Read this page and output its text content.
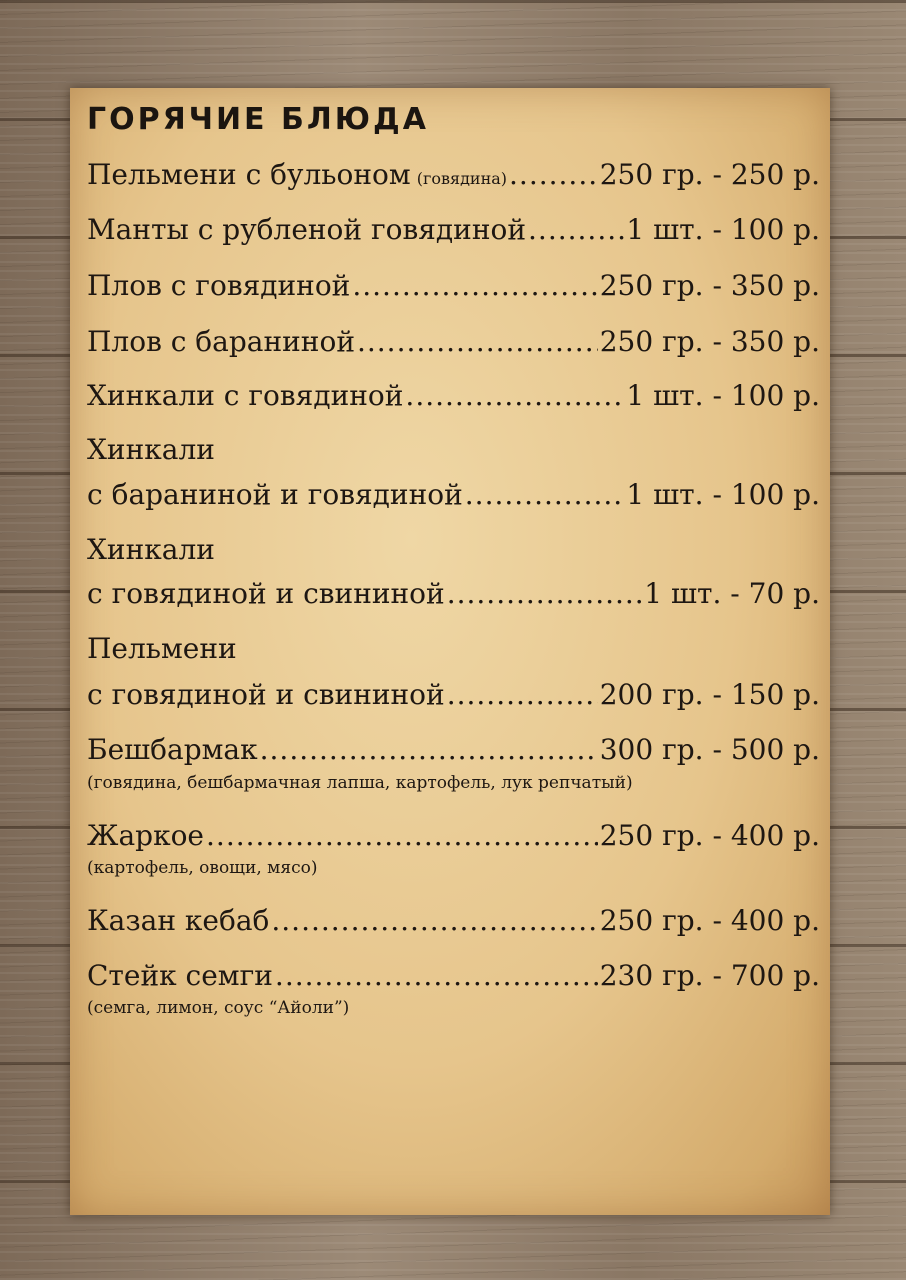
ГОРЯЧИЕ БЛЮДА
Пельмени с бульоном (говядина) .....	250 гр. - 250 р.
Манты с рубленой говядиной .....	1 шт. - 100 р.
Плов с говядиной .....	250 гр. - 350 р.
Плов с бараниной .....	250 гр. - 350 р.
Хинкали с говядиной .....	1 шт. - 100 р.
Хинкали
с бараниной и говядиной .....	1 шт. - 100 р.
Хинкали
с говядиной и свининой .....	1 шт. - 70 р.
Пельмени
с говядиной и свининой .....	200 гр. - 150 р.
Бешбармак .....	300 гр. - 500 р.
(говядина, бешбармачная лапша, картофель, лук репчатый)
Жаркое .....	250 гр. - 400 р.
(картофель, овощи, мясо)
Казан кебаб .....	250 гр. - 400 р.
Стейк семги .....	230 гр. - 700 р.
(семга, лимон, соус “Айоли”)
